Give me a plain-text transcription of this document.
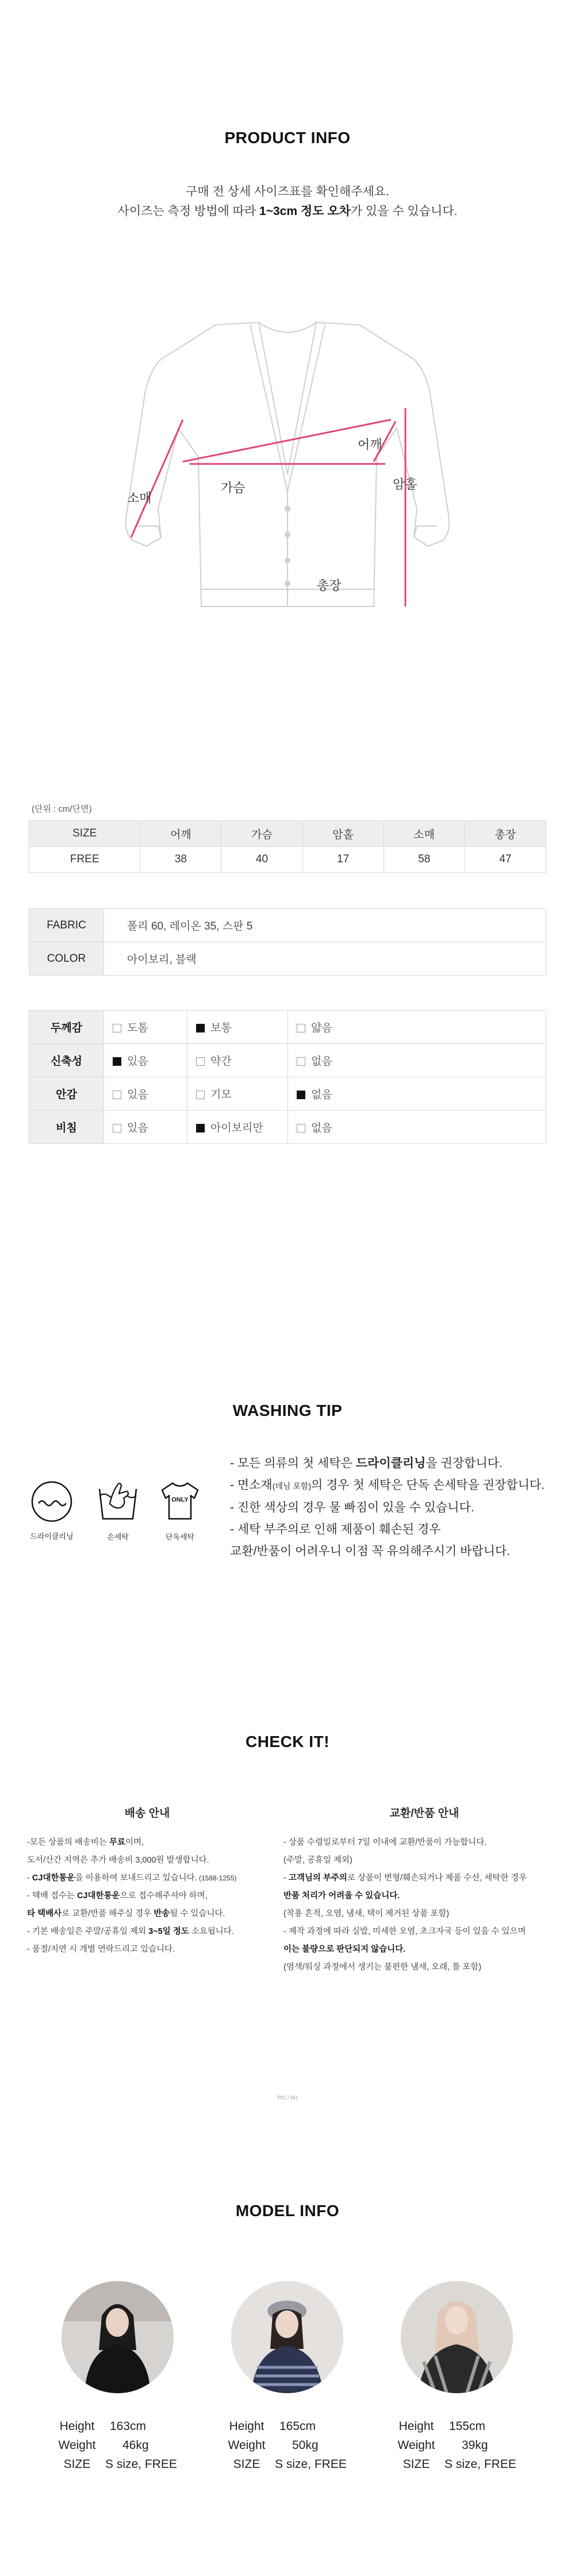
PRODUCT INFO
구매 전 상세 사이즈표를 확인해주세요.
사이즈는 측정 방법에 따라 1~3cm 정도 오차가 있을 수 있습니다.
어깨
소매
가슴	암홀
총장
(단위 : cm/단면)
SIZE	어깨	가슴	암홀	소매	총장
FREE	38	40	17	58	47
FABRIC	폴리 60, 레이온 35, 스판 5
COLOR	아이보리, 블랙
두께감	도톰	보통	얇음
신축성	있음	약간	없음
안감	있음	기모	없음
비침	있음	아이보리만	없음
WASHING TIP
드라이클리닝	손세탁
ONLY
단독세탁
- 모든 의류의 첫 세탁은 드라이클리닝을 권장합니다.
- 면소재(데님 포함)의 경우 첫 세탁은 단독 손세탁을 권장합니다.
- 진한 색상의 경우 물 빠짐이 있을 수 있습니다.
- 세탁 부주의로 인해 제품이 훼손된 경우
교환/반품이 어려우니 이점 꼭 유의해주시기 바랍니다.
CHECK IT!
배송 안내
-모든 상품의 배송비는 무료이며,
도서/산간 지역은 추가 배송비 3,000원 발생합니다.
- CJ대한통운을 이용하여 보내드리고 있습니다. (1588-1255)
- 택배 접수는 CJ대한통운으로 접수해주셔야 하며,
타 택배사로 교환/반품 해주실 경우 반송될 수 있습니다.
- 기본 배송일은 주말/공휴일 제외 3~5일 정도 소요됩니다.
- 품절/지연 시 개별 연락드리고 있습니다.
교환/반품 안내
- 상품 수령일로부터 7일 이내에 교환/반품이 가능합니다.
(주말, 공휴일 제외)
- 고객님의 부주의로 상품이 변형/훼손되거나 제품 수선, 세탁한 경우
반품 처리가 어려울 수 있습니다.
(착용 흔적, 오염, 냄새, 택이 제거된 상품 포함)
- 제작 과정에 따라 실밥, 미세한 오염, 초크자국 등이 있을 수 있으며
이는 불량으로 판단되지 않습니다.
(염색/워싱 과정에서 생기는 불편한 냄새, 오래, 틀 포함)
PIC / SH
MODEL INFO
Height 163cm
Weight 46kg
SIZE S size, FREE
Height 165cm
Weight 50kg
SIZE S size, FREE
Height 155cm
Weight 39kg
SIZE S size, FREE
